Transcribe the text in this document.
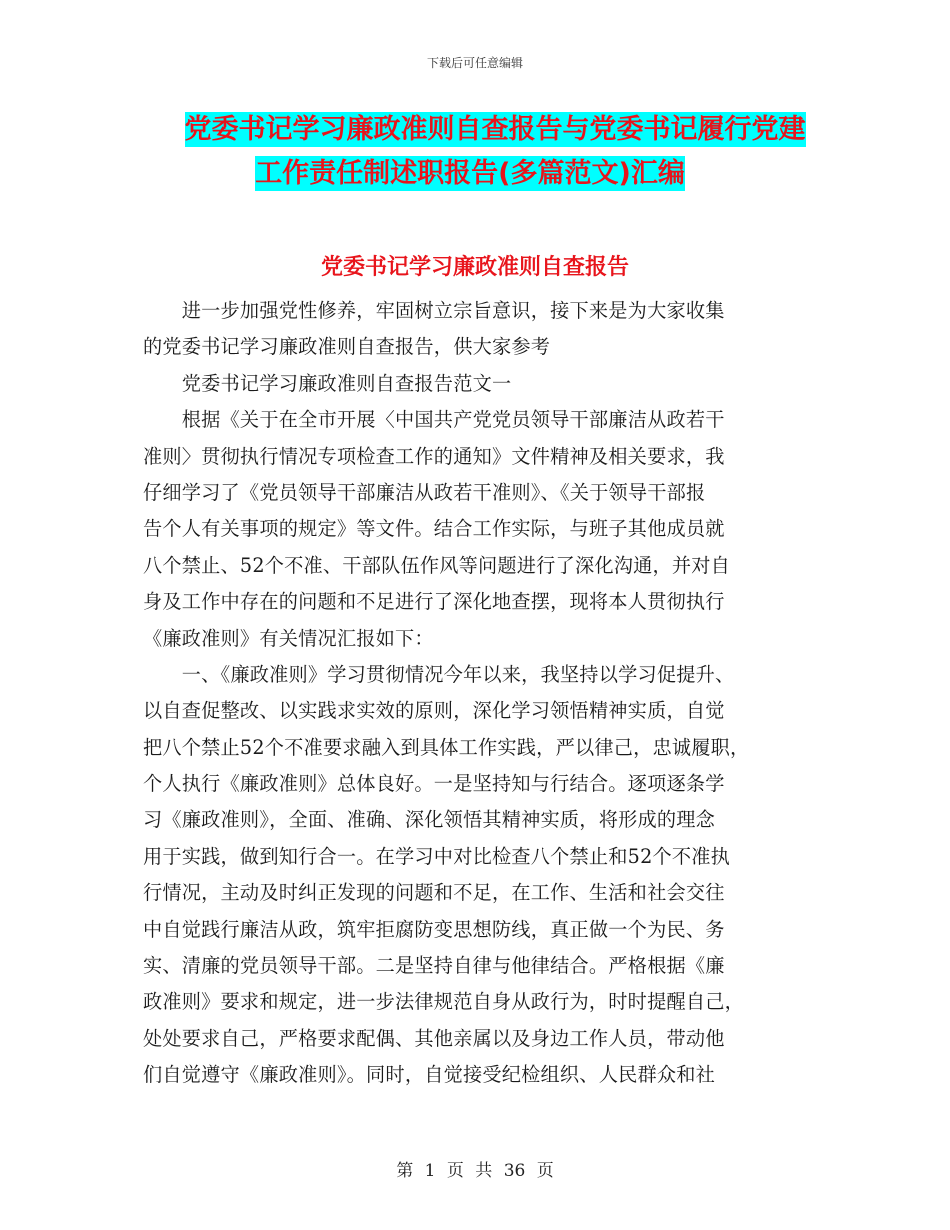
下载后可任意编辑
党委书记学习廉政准则自查报告与党委书记履行党建
工作责任制述职报告(多篇范文)汇编
党委书记学习廉政准则自查报告
　　进一步加强党性修养，牢固树立宗旨意识，接下来是为大家收集
的党委书记学习廉政准则自查报告，供大家参考
　　党委书记学习廉政准则自查报告范文一
　　根据《关于在全市开展〈中国共产党党员领导干部廉洁从政若干
准则〉贯彻执行情况专项检查工作的通知》文件精神及相关要求，我
仔细学习了《党员领导干部廉洁从政若干准则》、《关于领导干部报
告个人有关事项的规定》等文件。结合工作实际，与班子其他成员就
八个禁止、52个不准、干部队伍作风等问题进行了深化沟通，并对自
身及工作中存在的问题和不足进行了深化地查摆，现将本人贯彻执行
《廉政准则》有关情况汇报如下：
　　一、《廉政准则》学习贯彻情况今年以来，我坚持以学习促提升、
以自查促整改、以实践求实效的原则，深化学习领悟精神实质，自觉
把八个禁止52个不准要求融入到具体工作实践，严以律己，忠诚履职，
个人执行《廉政准则》总体良好。一是坚持知与行结合。逐项逐条学
习《廉政准则》，全面、准确、深化领悟其精神实质，将形成的理念
用于实践，做到知行合一。在学习中对比检查八个禁止和52个不准执
行情况，主动及时纠正发现的问题和不足，在工作、生活和社会交往
中自觉践行廉洁从政，筑牢拒腐防变思想防线，真正做一个为民、务
实、清廉的党员领导干部。二是坚持自律与他律结合。严格根据《廉
政准则》要求和规定，进一步法律规范自身从政行为，时时提醒自己，
处处要求自己，严格要求配偶、其他亲属以及身边工作人员，带动他
们自觉遵守《廉政准则》。同时，自觉接受纪检组织、人民群众和社
第 1 页 共 36 页
